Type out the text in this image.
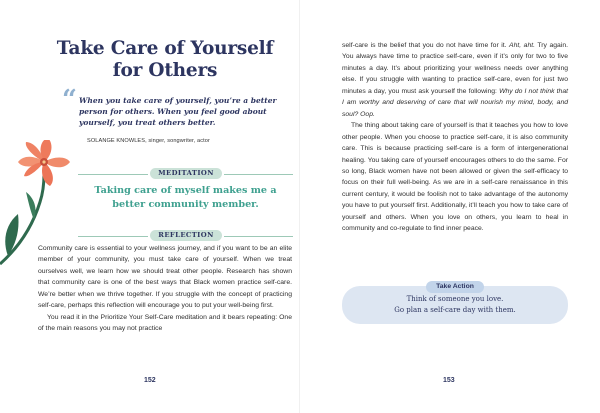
Take Care of Yourself
for Others
“ When you take care of yourself, you’re a better person for others. When you feel good about yourself, you treat others better.
SOLANGE KNOWLES, singer, songwriter, actor
MEDITATION
Taking care of myself makes me a
better community member.
REFLECTION

Community care is essential to your wellness journey, and if you want to be an elite member of your community, you must take care of yourself. When we treat ourselves well, we learn how we should treat other people. Research has shown that community care is one of the best ways that Black women practice self-care. We’re better when we thrive together. If you struggle with the concept of practicing self-care, perhaps this reflection will encourage you to put your well-being first.

You read it in the Prioritize Your Self-Care meditation and it bears repeating: One of the main reasons you may not practice

152

self-care is the belief that you do not have time for it. Aht, aht. Try again. You always have time to practice self-care, even if it’s only for two to five minutes a day. It’s about prioritizing your wellness needs over anything else. If you struggle with wanting to practice self-care, even for just two minutes a day, you must ask yourself the following: Why do I not think that I am worthy and deserving of care that will nourish my mind, body, and soul? Oop.

The thing about taking care of yourself is that it teaches you how to love other people. When you choose to practice self-care, it is also community care. This is because practicing self-care is a form of intergenerational healing. You taking care of yourself encourages others to do the same. For so long, Black women have not been allowed or given the self-efficacy to focus on their full well-being. As we are in a self-care renaissance in this current century, it would be foolish not to take advantage of the autonomy you have to put yourself first. Additionally, it’ll teach you how to take care of yourself and others. When you love on others, you learn to heal in community and co-regulate to find inner peace.

Take Action
Think of someone you love.
Go plan a self-care day with them.
153
